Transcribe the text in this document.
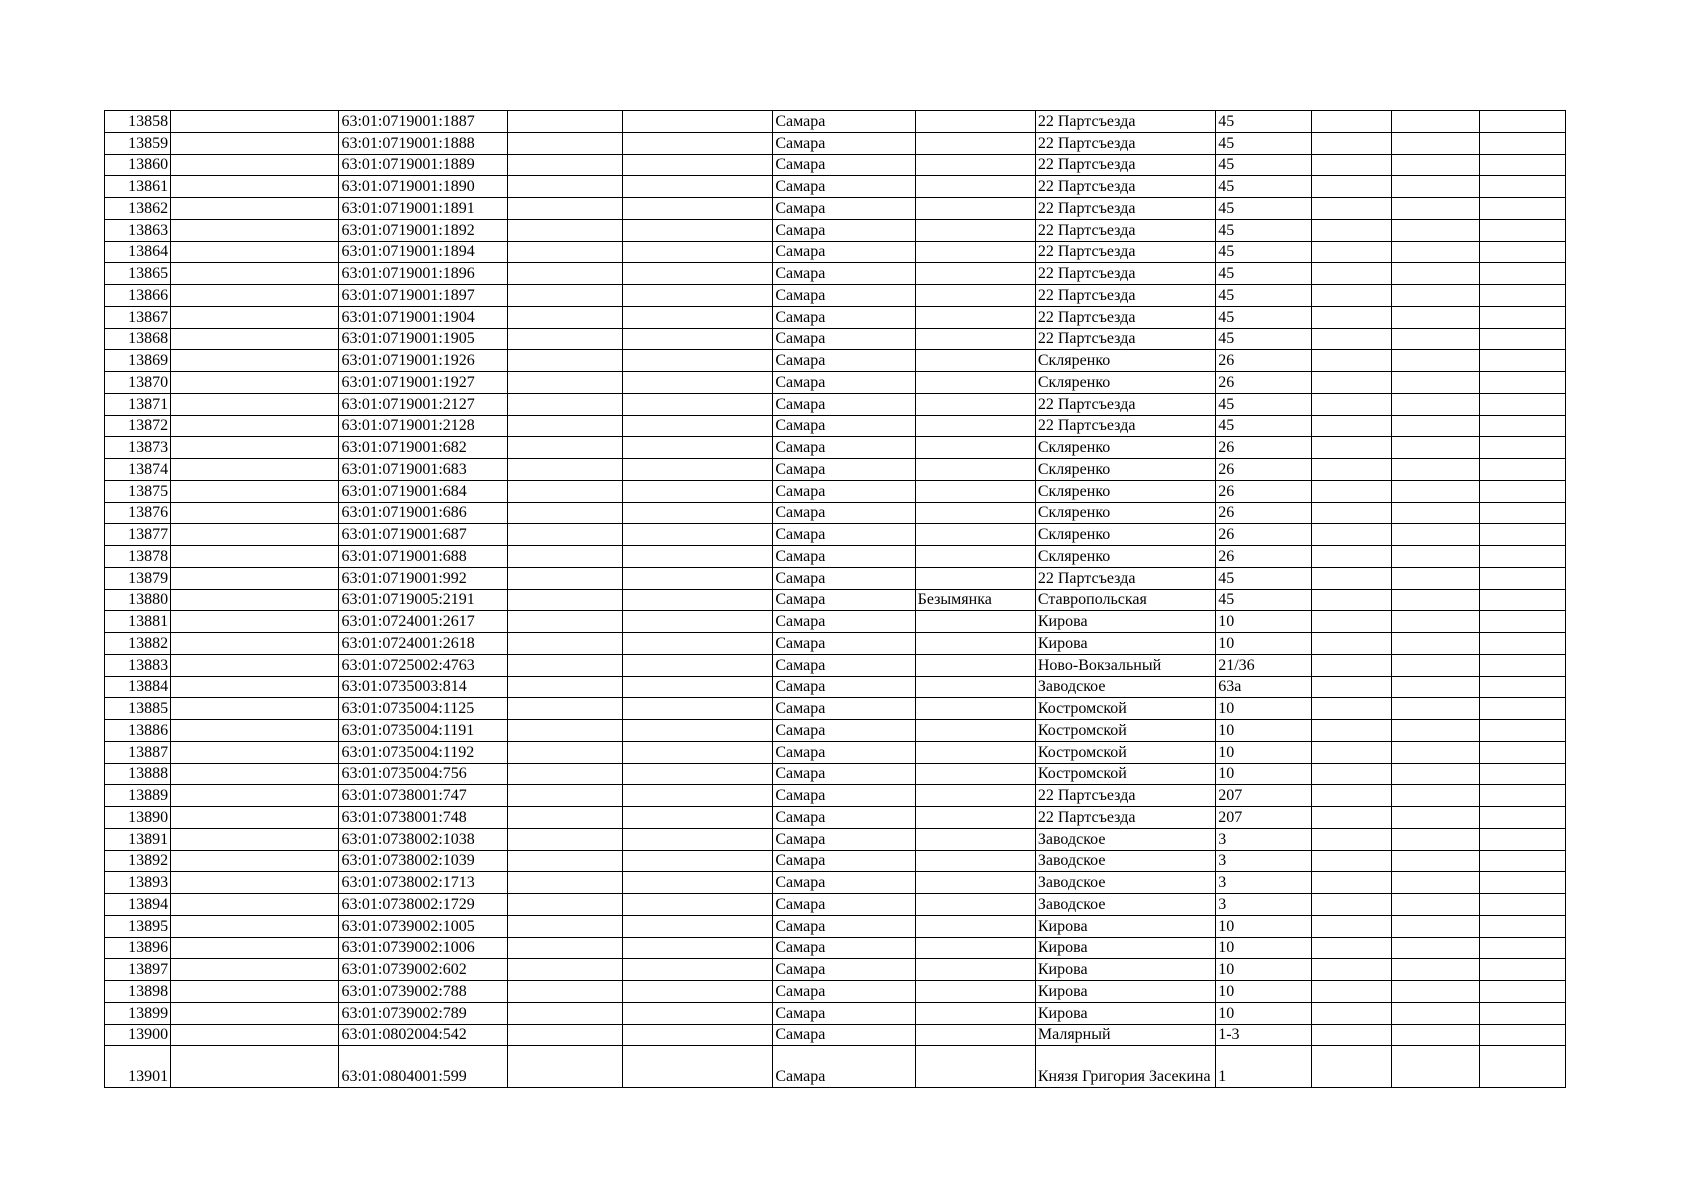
13858		63:01:0719001:1887			Самара		22 Партсъезда	45			
13859		63:01:0719001:1888			Самара		22 Партсъезда	45			
13860		63:01:0719001:1889			Самара		22 Партсъезда	45			
13861		63:01:0719001:1890			Самара		22 Партсъезда	45			
13862		63:01:0719001:1891			Самара		22 Партсъезда	45			
13863		63:01:0719001:1892			Самара		22 Партсъезда	45			
13864		63:01:0719001:1894			Самара		22 Партсъезда	45			
13865		63:01:0719001:1896			Самара		22 Партсъезда	45			
13866		63:01:0719001:1897			Самара		22 Партсъезда	45			
13867		63:01:0719001:1904			Самара		22 Партсъезда	45			
13868		63:01:0719001:1905			Самара		22 Партсъезда	45			
13869		63:01:0719001:1926			Самара		Скляренко	26			
13870		63:01:0719001:1927			Самара		Скляренко	26			
13871		63:01:0719001:2127			Самара		22 Партсъезда	45			
13872		63:01:0719001:2128			Самара		22 Партсъезда	45			
13873		63:01:0719001:682			Самара		Скляренко	26			
13874		63:01:0719001:683			Самара		Скляренко	26			
13875		63:01:0719001:684			Самара		Скляренко	26			
13876		63:01:0719001:686			Самара		Скляренко	26			
13877		63:01:0719001:687			Самара		Скляренко	26			
13878		63:01:0719001:688			Самара		Скляренко	26			
13879		63:01:0719001:992			Самара		22 Партсъезда	45			
13880		63:01:0719005:2191			Самара	Безымянка	Ставропольская	45			
13881		63:01:0724001:2617			Самара		Кирова	10			
13882		63:01:0724001:2618			Самара		Кирова	10			
13883		63:01:0725002:4763			Самара		Ново-Вокзальный	21/36			
13884		63:01:0735003:814			Самара		Заводское	63а			
13885		63:01:0735004:1125			Самара		Костромской	10			
13886		63:01:0735004:1191			Самара		Костромской	10			
13887		63:01:0735004:1192			Самара		Костромской	10			
13888		63:01:0735004:756			Самара		Костромской	10			
13889		63:01:0738001:747			Самара		22 Партсъезда	207			
13890		63:01:0738001:748			Самара		22 Партсъезда	207			
13891		63:01:0738002:1038			Самара		Заводское	3			
13892		63:01:0738002:1039			Самара		Заводское	3			
13893		63:01:0738002:1713			Самара		Заводское	3			
13894		63:01:0738002:1729			Самара		Заводское	3			
13895		63:01:0739002:1005			Самара		Кирова	10			
13896		63:01:0739002:1006			Самара		Кирова	10			
13897		63:01:0739002:602			Самара		Кирова	10			
13898		63:01:0739002:788			Самара		Кирова	10			
13899		63:01:0739002:789			Самара		Кирова	10			
13900		63:01:0802004:542			Самара		Малярный	1-3			
13901		63:01:0804001:599			Самара		Князя Григория Засекина	1			
